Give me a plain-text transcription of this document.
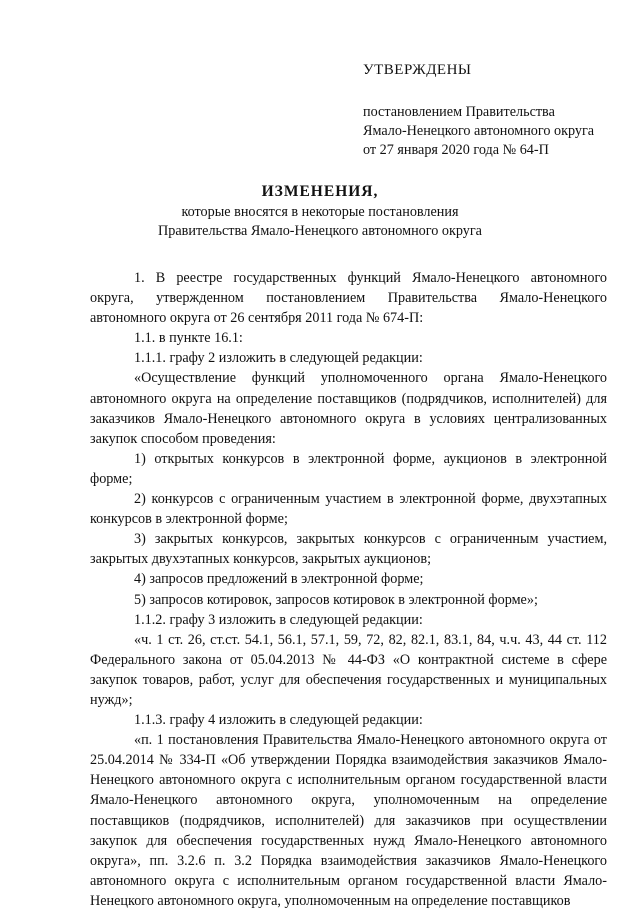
УТВЕРЖДЕНЫ
постановлением Правительства
Ямало-Ненецкого автономного округа
от 27 января 2020 года № 64-П
ИЗМЕНЕНИЯ,
которые вносятся в некоторые постановления
Правительства Ямало-Ненецкого автономного округа

1. В реестре государственных функций Ямало-Ненецкого автономного округа, утвержденном постановлением Правительства Ямало-Ненецкого автономного округа от 26 сентября 2011 года № 674-П:

1.1. в пункте 16.1:

1.1.1. графу 2 изложить в следующей редакции:

«Осуществление функций уполномоченного органа Ямало-Ненецкого автономного округа на определение поставщиков (подрядчиков, исполнителей) для заказчиков Ямало-Ненецкого автономного округа в условиях централизованных закупок способом проведения:

1) открытых конкурсов в электронной форме, аукционов в электронной форме;

2) конкурсов с ограниченным участием в электронной форме, двухэтапных конкурсов в электронной форме;

3) закрытых конкурсов, закрытых конкурсов с ограниченным участием, закрытых двухэтапных конкурсов, закрытых аукционов;

4) запросов предложений в электронной форме;

5) запросов котировок, запросов котировок в электронной форме»;

1.1.2. графу 3 изложить в следующей редакции:

«ч. 1 ст. 26, ст.ст. 54.1, 56.1, 57.1, 59, 72, 82, 82.1, 83.1, 84, ч.ч. 43, 44 ст. 112 Федерального закона от 05.04.2013 № 44-ФЗ «О контрактной системе в сфере закупок товаров, работ, услуг для обеспечения государственных и муниципальных нужд»;

1.1.3. графу 4 изложить в следующей редакции:

«п. 1 постановления Правительства Ямало-Ненецкого автономного округа от 25.04.2014 № 334-П «Об утверждении Порядка взаимодействия заказчиков Ямало-Ненецкого автономного округа с исполнительным органом государственной власти Ямало-Ненецкого автономного округа, уполномоченным на определение поставщиков (подрядчиков, исполнителей) для заказчиков при осуществлении закупок для обеспечения государственных нужд Ямало-Ненецкого автономного округа», пп. 3.2.6 п. 3.2 Порядка взаимодействия заказчиков Ямало-Ненецкого автономного округа с исполнительным органом государственной власти Ямало-Ненецкого автономного округа, уполномоченным на определение поставщиков
